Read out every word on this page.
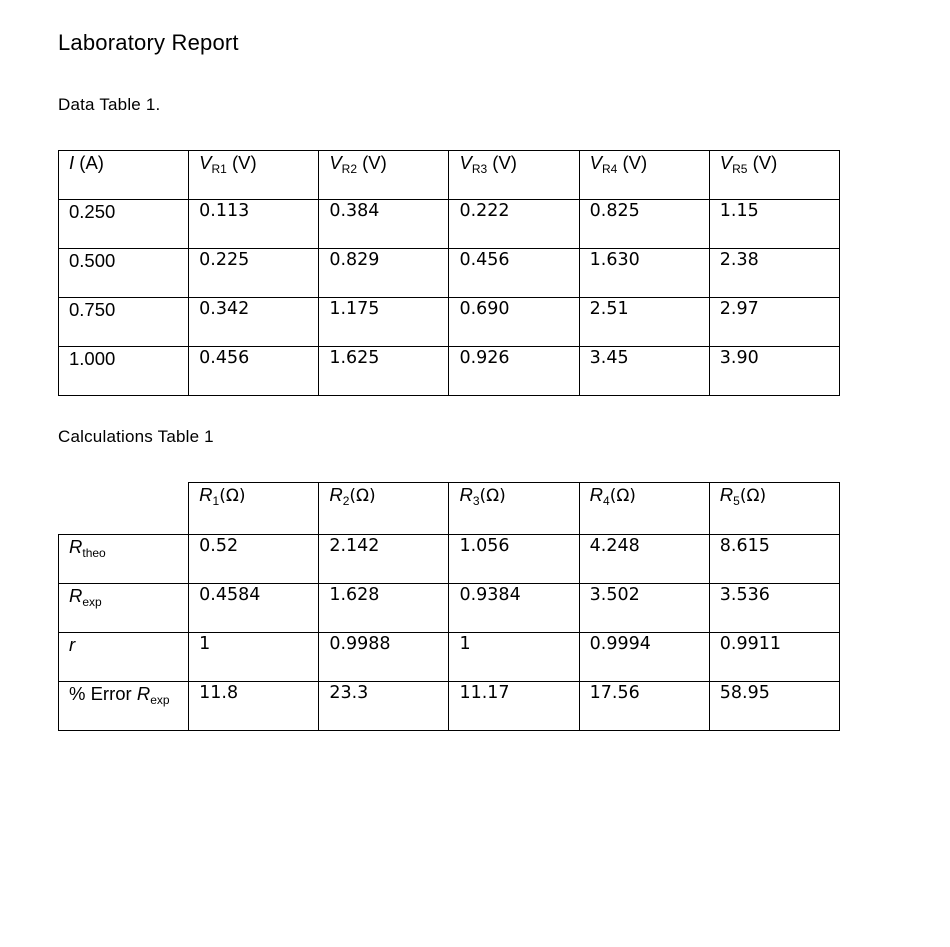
Laboratory Report
Data Table 1.
I (A)	$V_{R1}$ (V)	$V_{R2}$ (V)	$V_{R3}$ (V)	$V_{R4}$ (V)	$V_{R5}$ (V)
0.250	0.113	0.384	0.222	0.825	1.15
0.500	0.225	0.829	0.456	1.630	2.38
0.750	0.342	1.175	0.690	2.51	2.97
1.000	0.456	1.625	0.926	3.45	3.90
Calculations Table 1
	$R_1(\Omega)$	$R_2(\Omega)$	$R_3(\Omega)$	$R_4(\Omega)$	$R_5(\Omega)$
$R_{theo}$	0.52	2.142	1.056	4.248	8.615
$R_{exp}$	0.4584	1.628	0.9384	3.502	3.536
r	1	0.9988	1	0.9994	0.9911
% Error $R_{exp}$	11.8	23.3	11.17	17.56	58.95
